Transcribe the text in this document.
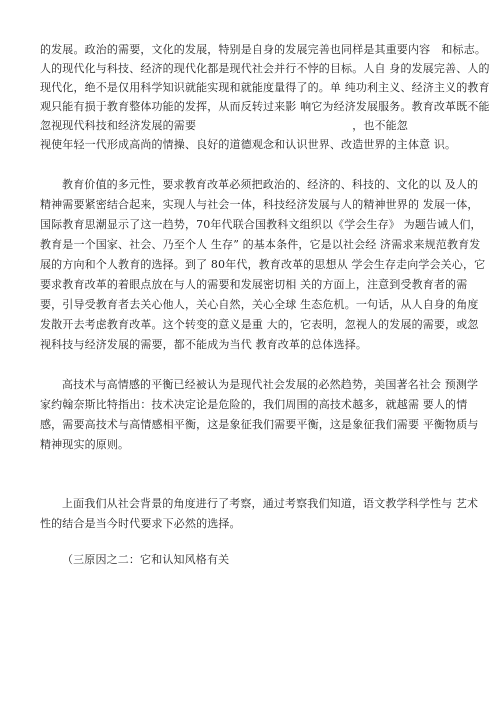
的发展。政治的需要，文化的发展，特别是自身的发展完善也同样是其重要内容　和标志。
人的现代化与科技、经济的现代化都是现代社会并行不悖的目标。人自 身的发展完善、人的
现代化，绝不是仅用科学知识就能实现和就能度量得了的。单 纯功利主义、经济主义的教育
观只能有损于教育整体功能的发挥，从而反转过来影 响它为经济发展服务。教育改革既不能
忽视现代科技和经济发展的需要　　　　　　　　　　　　　　，也不能忽
视使年轻一代形成高尚的情操、良好的道德观念和认识世界、改造世界的主体意 识。
教育价值的多元性，要求教育改革必须把政治的、经济的、科技的、文化的以 及人的
精神需要紧密结合起来，实现人与社会一体，科技经济发展与人的精神世界的 发展一体，
国际教育思潮显示了这一趋势，70年代联合国教科文组织以《学会生存》 为题告诫人们，
教育是一个国家、社会、乃至个人 生存” 的基本条件，它是以社会经 济需求来规范教育发
展的方向和个人教育的选择。到了 80年代，教育改革的思想从 学会生存走向学会关心，它
要求教育改革的着眼点放在与人的需要和发展密切相 关的方面上，注意到受教育者的需
要，引导受教育者去关心他人，关心自然，关心全球 生态危机。一句话，从人自身的角度
发散开去考虑教育改革。这个转变的意义是重 大的，它表明，忽视人的发展的需要，或忽
视科技与经济发展的需要，都不能成为当代 教育改革的总体选择。
高技术与高情感的平衡已经被认为是现代社会发展的必然趋势，美国著名社会 预测学
家约翰奈斯比特指出：技术决定论是危险的，我们周围的高技术越多，就越需 要人的情
感，需要高技术与高情感相平衡，这是象征我们需要平衡，这是象征我们需要 平衡物质与
精神现实的原则。
上面我们从社会背景的角度进行了考察，通过考察我们知道，语文教学科学性与 艺术
性的结合是当今时代要求下必然的选择。
（三原因之二：它和认知风格有关
